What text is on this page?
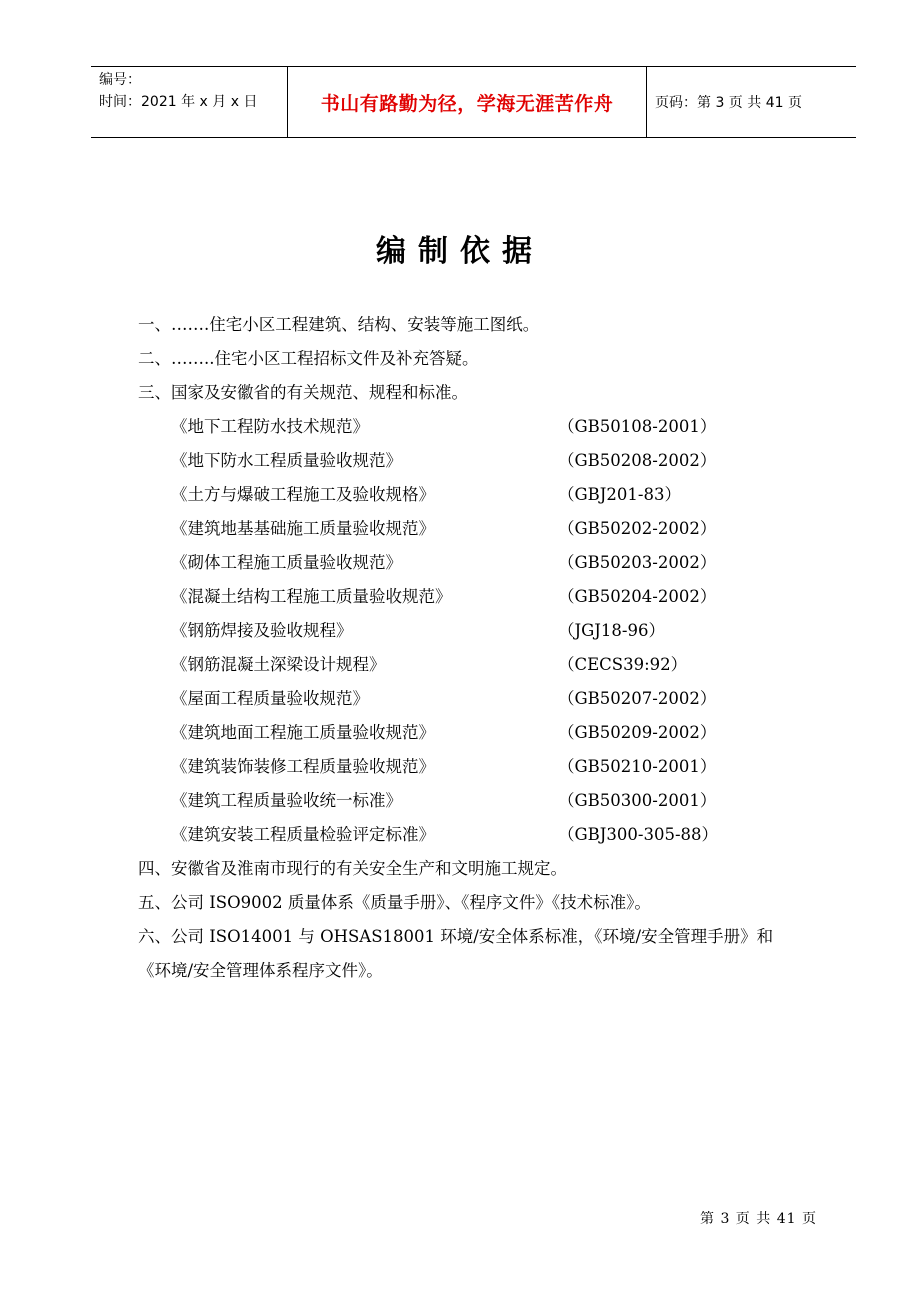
编号：
时间：2021 年 x 月 x 日	书山有路勤为径，学海无涯苦作舟	页码：第 3 页 共 41 页
编制依据
一、…….住宅小区工程建筑、结构、安装等施工图纸。
二、……..住宅小区工程招标文件及补充答疑。
三、国家及安徽省的有关规范、规程和标准。
《地下工程防水技术规范》	（GB50108-2001）
《地下防水工程质量验收规范》	（GB50208-2002）
《土方与爆破工程施工及验收规格》	（GBJ201-83）
《建筑地基基础施工质量验收规范》	（GB50202-2002）
《砌体工程施工质量验收规范》	（GB50203-2002）
《混凝土结构工程施工质量验收规范》	（GB50204-2002）
《钢筋焊接及验收规程》	（JGJ18-96）
《钢筋混凝土深梁设计规程》	（CECS39:92）
《屋面工程质量验收规范》	（GB50207-2002）
《建筑地面工程施工质量验收规范》	（GB50209-2002）
《建筑装饰装修工程质量验收规范》	（GB50210-2001）
《建筑工程质量验收统一标准》	（GB50300-2001）
《建筑安装工程质量检验评定标准》	（GBJ300-305-88）
四、安徽省及淮南市现行的有关安全生产和文明施工规定。
五、公司 ISO9002 质量体系《质量手册》、《程序文件》《技术标准》。
六、公司 ISO14001 与 OHSAS18001 环境/安全体系标准，《环境/安全管理手册》和
《环境/安全管理体系程序文件》。
第 3 页 共 41 页
